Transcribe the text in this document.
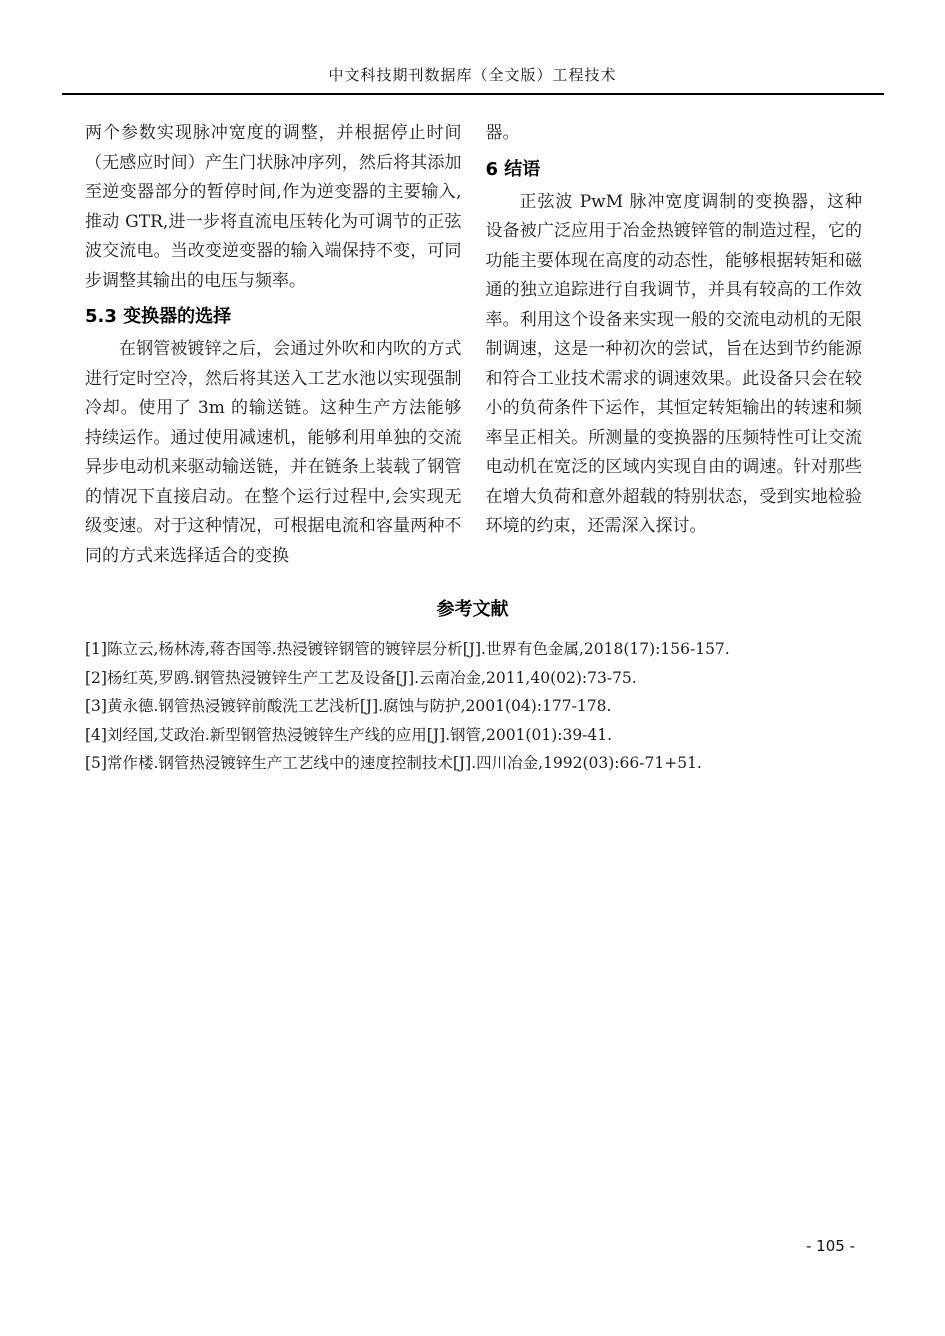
中文科技期刊数据库（全文版）工程技术

两个参数实现脉冲宽度的调整，并根据停止时间（无感应时间）产生门状脉冲序列，然后将其添加至逆变器部分的暂停时间,作为逆变器的主要输入,推动 GTR,进一步将直流电压转化为可调节的正弦波交流电。当改变逆变器的输入端保持不变，可同步调整其输出的电压与频率。

5.3 变换器的选择

在钢管被镀锌之后，会通过外吹和内吹的方式进行定时空冷，然后将其送入工艺水池以实现强制冷却。使用了 3m 的输送链。这种生产方法能够持续运作。通过使用减速机，能够利用单独的交流异步电动机来驱动输送链，并在链条上装载了钢管的情况下直接启动。在整个运行过程中,会实现无级变速。对于这种情况，可根据电流和容量两种不同的方式来选择适合的变换

器。

6 结语

正弦波 PwM 脉冲宽度调制的变换器，这种设备被广泛应用于冶金热镀锌管的制造过程，它的功能主要体现在高度的动态性，能够根据转矩和磁通的独立追踪进行自我调节，并具有较高的工作效率。利用这个设备来实现一般的交流电动机的无限制调速，这是一种初次的尝试，旨在达到节约能源和符合工业技术需求的调速效果。此设备只会在较小的负荷条件下运作，其恒定转矩输出的转速和频率呈正相关。所测量的变换器的压频特性可让交流电动机在宽泛的区域内实现自由的调速。针对那些在增大负荷和意外超载的特别状态，受到实地检验环境的约束，还需深入探讨。

参考文献
[1]陈立云,杨林涛,蒋杏国等.热浸镀锌钢管的镀锌层分析[J].世界有色金属,2018(17):156-157.
[2]杨红英,罗鸥.钢管热浸镀锌生产工艺及设备[J].云南冶金,2011,40(02):73-75.
[3]黄永德.钢管热浸镀锌前酸洗工艺浅析[J].腐蚀与防护,2001(04):177-178.
[4]刘经国,艾政治.新型钢管热浸镀锌生产线的应用[J].钢管,2001(01):39-41.
[5]常作楼.钢管热浸镀锌生产工艺线中的速度控制技术[J].四川冶金,1992(03):66-71+51.
- 105 -
